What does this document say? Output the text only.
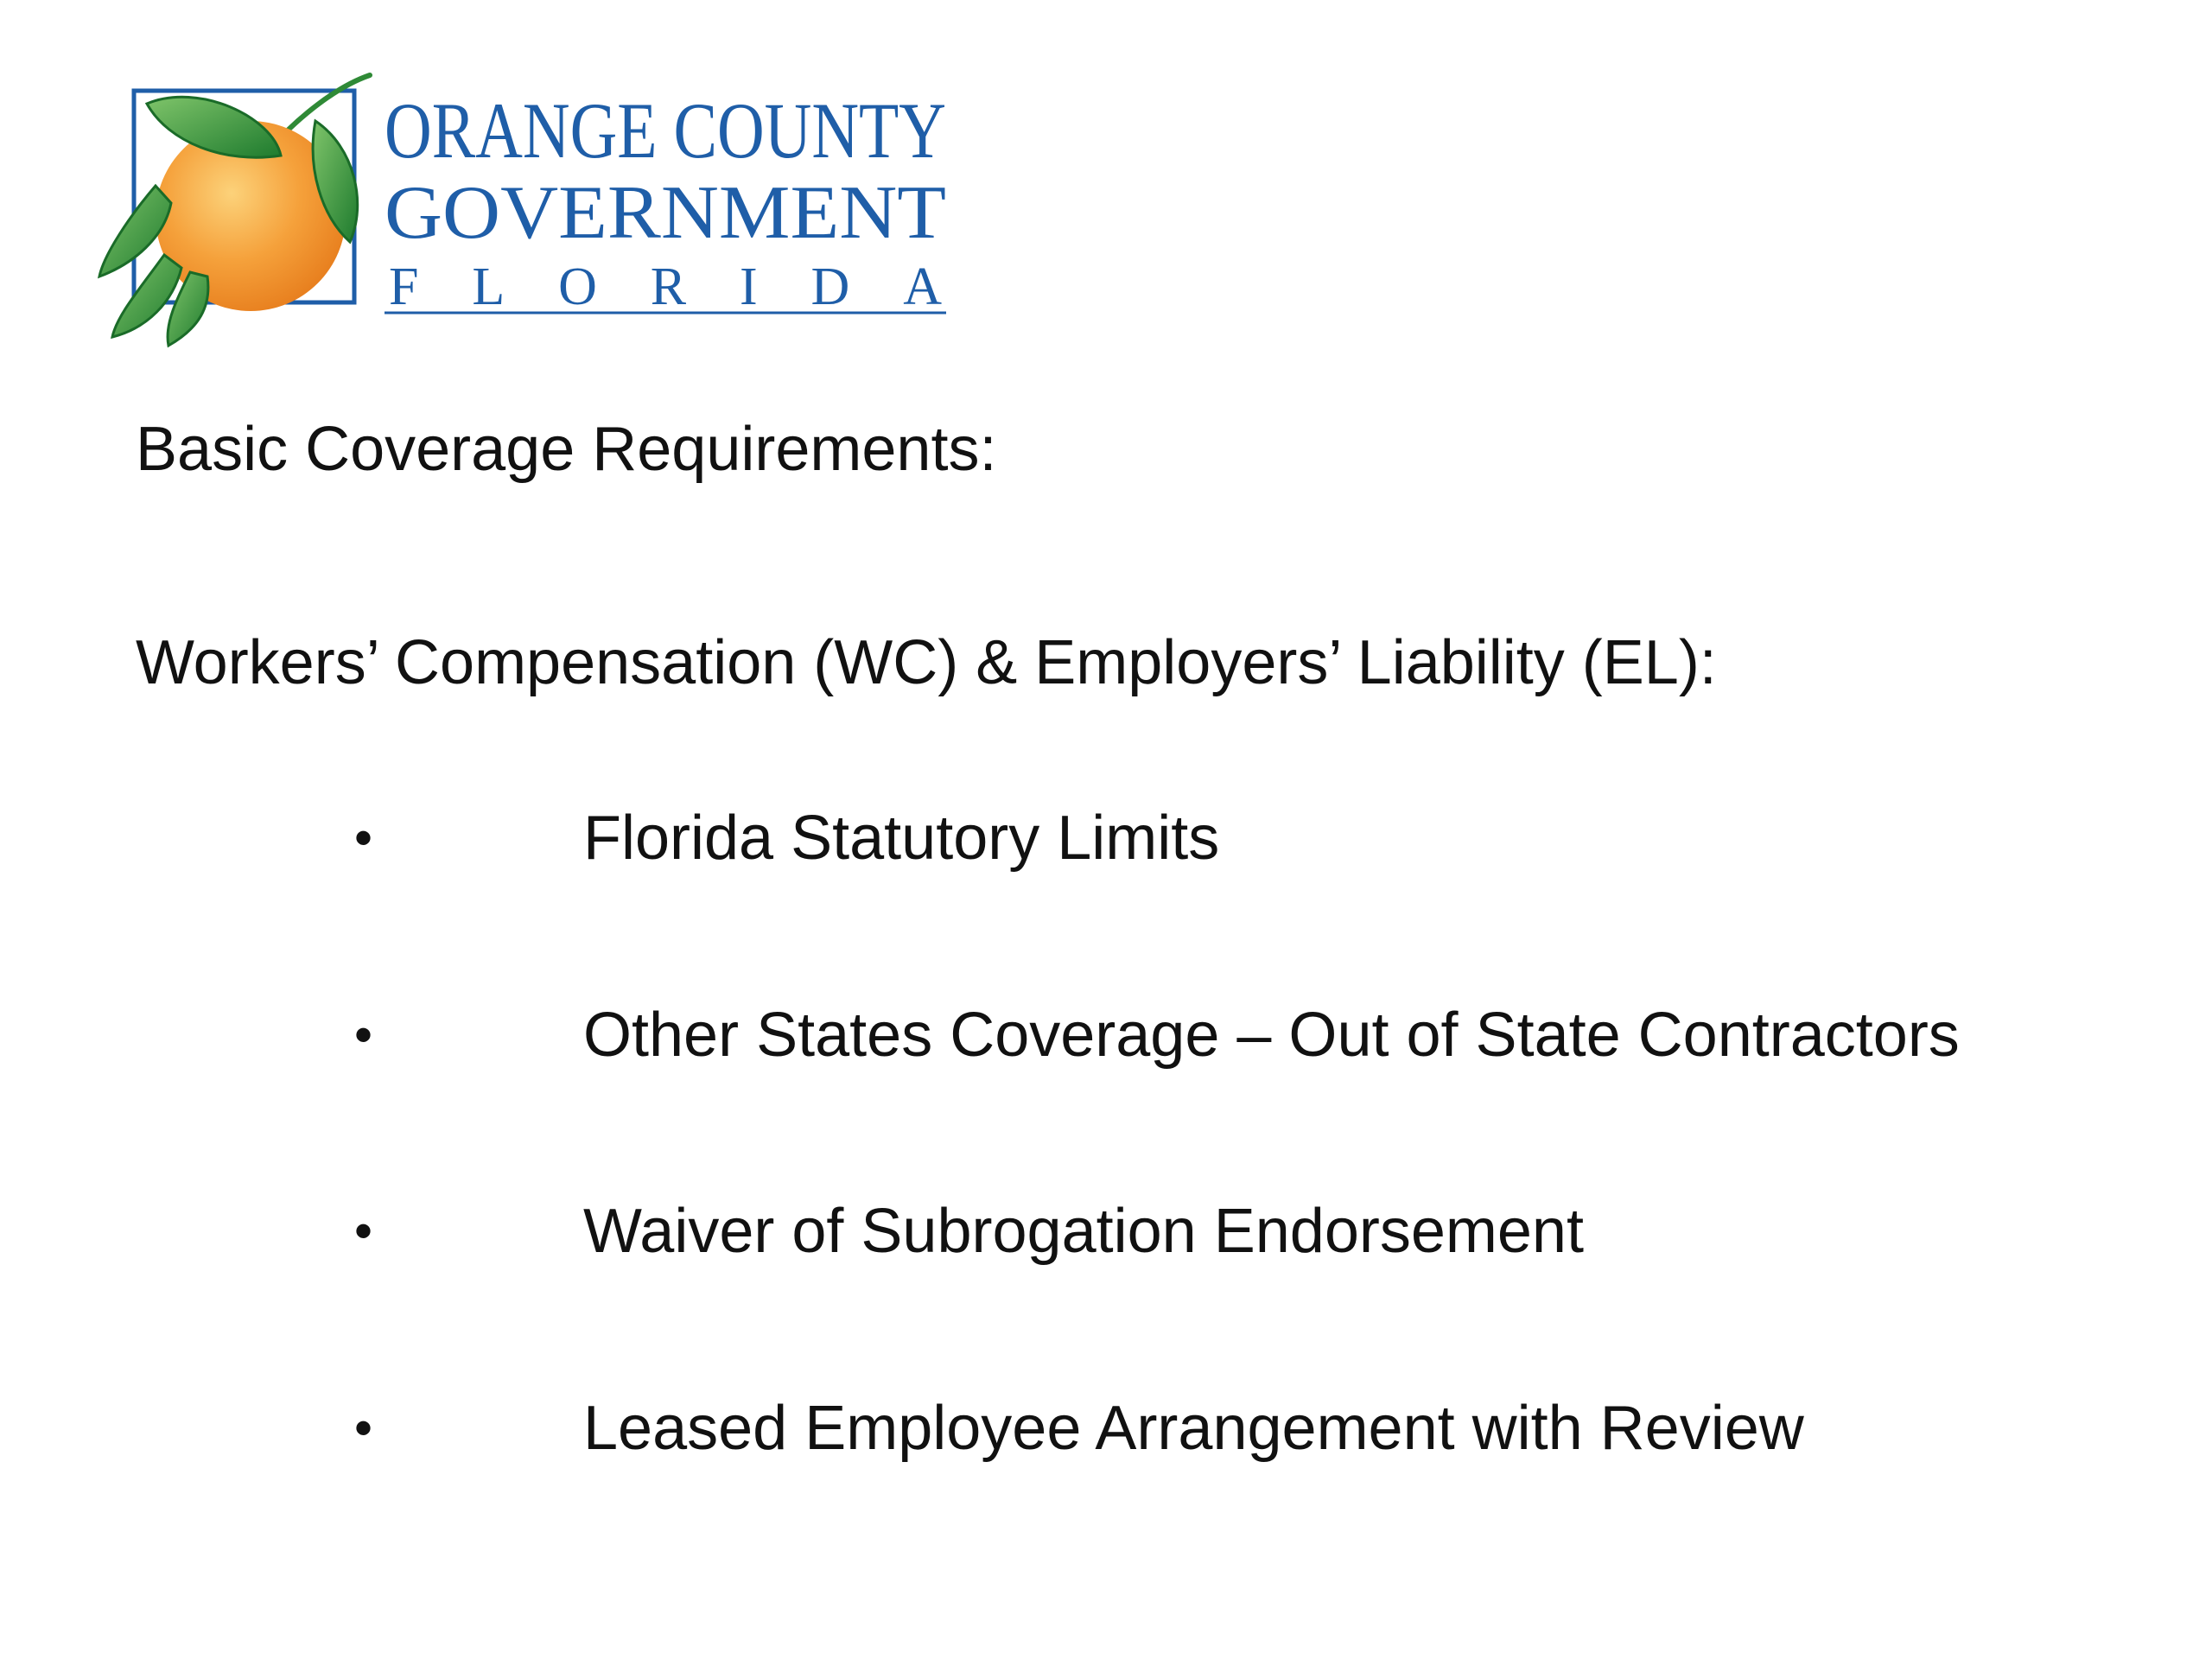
ORANGE COUNTY
GOVERNMENT
FLORIDA
Basic Coverage Requirements:
Workers’ Compensation (WC) & Employers’ Liability (EL):
•	Florida Statutory Limits
•	Other States Coverage – Out of State Contractors
•	Waiver of Subrogation Endorsement
•	Leased Employee Arrangement with Review
